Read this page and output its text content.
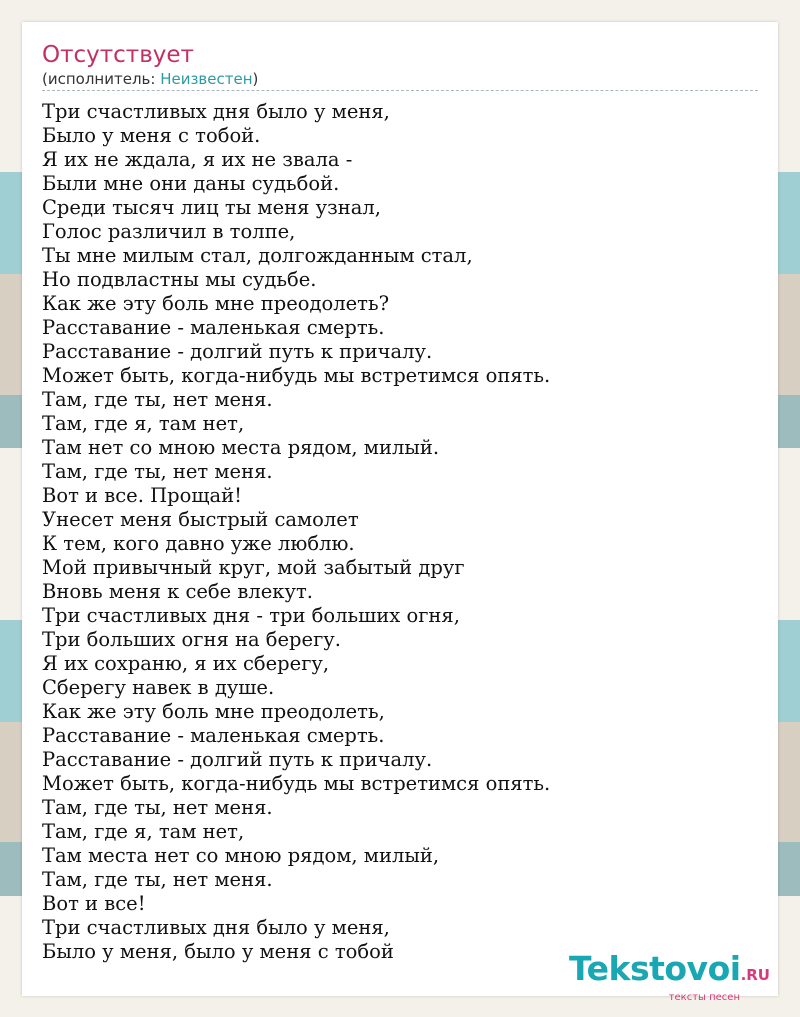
Отсутствует
(исполнитель: Неизвестен)
Три счастливых дня было у меня,
Было у меня с тобой.
Я их не ждала, я их не звала -
Были мне они даны судьбой.
Среди тысяч лиц ты меня узнал,
Голос различил в толпе,
Ты мне милым стал, долгожданным стал,
Но подвластны мы судьбе.
Как же эту боль мне преодолеть?
Расставание - маленькая смерть.
Расставание - долгий путь к причалу.
Может быть, когда-нибудь мы встретимся опять.
Там, где ты, нет меня.
Там, где я, там нет,
Там нет со мною места рядом, милый.
Там, где ты, нет меня.
Вот и все. Прощай!
Унесет меня быстрый самолет
К тем, кого давно уже люблю.
Мой привычный круг, мой забытый друг
Вновь меня к себе влекут.
Три счастливых дня - три больших огня,
Три больших огня на берегу.
Я их сохраню, я их сберегу,
Сберегу навек в душе.
Как же эту боль мне преодолеть,
Расставание - маленькая смерть.
Расставание - долгий путь к причалу.
Может быть, когда-нибудь мы встретимся опять.
Там, где ты, нет меня.
Там, где я, там нет,
Там места нет со мною рядом, милый,
Там, где ты, нет меня.
Вот и все!
Три счастливых дня было у меня,
Было у меня, было у меня с тобой	Tekstovoi.RU
тексты песен
